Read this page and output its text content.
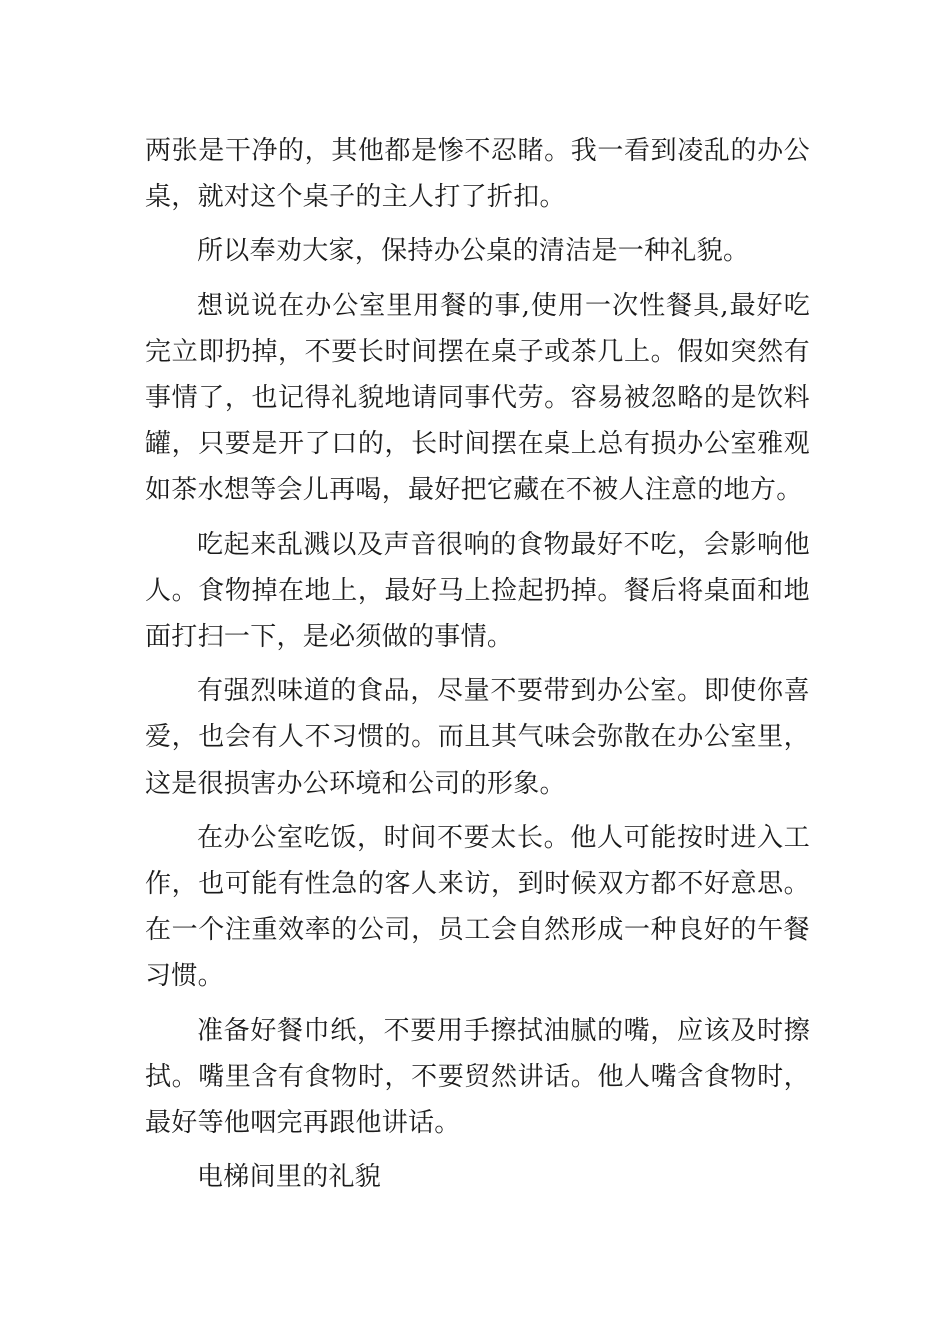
两张是干净的，其他都是惨不忍睹。我一看到凌乱的办公桌，就对这个桌子的主人打了折扣。

所以奉劝大家，保持办公桌的清洁是一种礼貌。

想说说在办公室里用餐的事,使用一次性餐具,最好吃完立即扔掉，不要长时间摆在桌子或茶几上。假如突然有事情了，也记得礼貌地请同事代劳。容易被忽略的是饮料罐，只要是开了口的，长时间摆在桌上总有损办公室雅观如茶水想等会儿再喝，最好把它藏在不被人注意的地方。

吃起来乱溅以及声音很响的食物最好不吃，会影响他人。食物掉在地上，最好马上捡起扔掉。餐后将桌面和地面打扫一下，是必须做的事情。

有强烈味道的食品，尽量不要带到办公室。即使你喜爱，也会有人不习惯的。而且其气味会弥散在办公室里，这是很损害办公环境和公司的形象。

在办公室吃饭，时间不要太长。他人可能按时进入工作，也可能有性急的客人来访，到时候双方都不好意思。在一个注重效率的公司，员工会自然形成一种良好的午餐习惯。

准备好餐巾纸，不要用手擦拭油腻的嘴，应该及时擦拭。嘴里含有食物时，不要贸然讲话。他人嘴含食物时，最好等他咽完再跟他讲话。

电梯间里的礼貌
